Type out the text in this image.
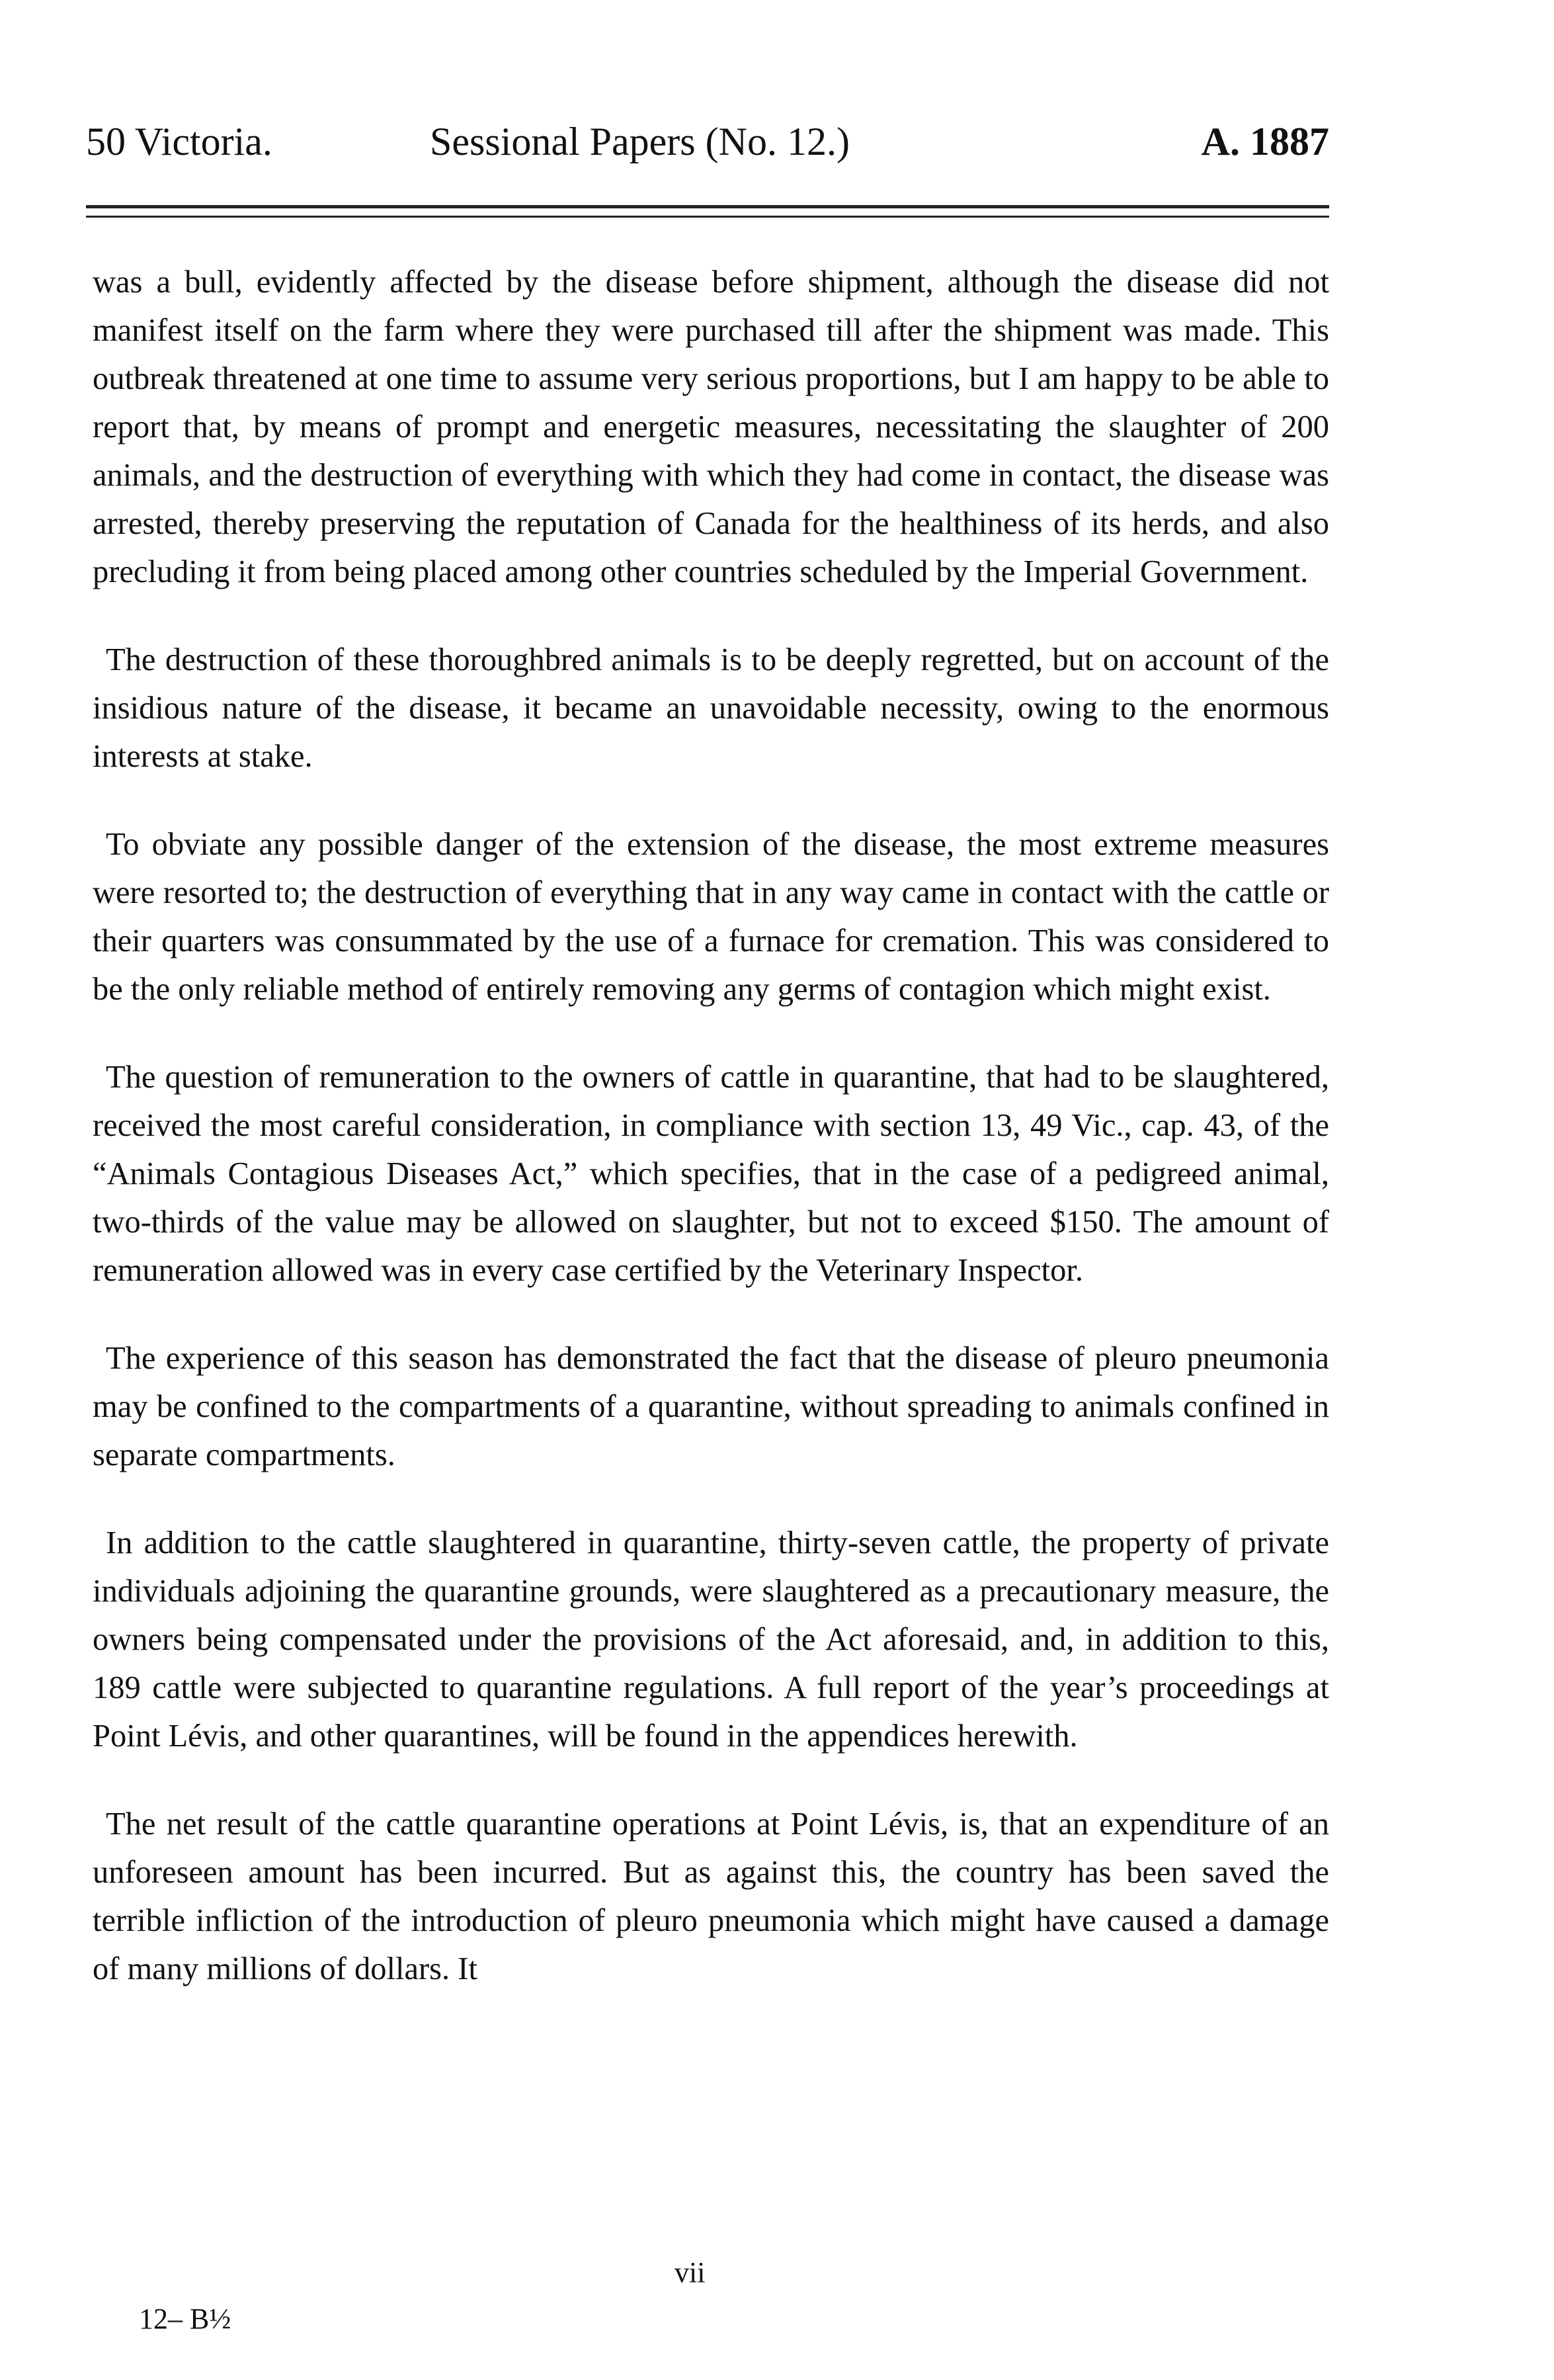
50 Victoria.	Sessional Papers (No. 12.)	A. 1887

was a bull, evidently affected by the disease before shipment, although the disease did not manifest itself on the farm where they were purchased till after the shipment was made. This outbreak threatened at one time to assume very serious proportions, but I am happy to be able to report that, by means of prompt and energetic measures, necessitating the slaughter of 200 animals, and the destruction of everything with which they had come in contact, the disease was arrested, thereby preserving the reputation of Canada for the healthiness of its herds, and also precluding it from being placed among other countries scheduled by the Imperial Government.

The destruction of these thoroughbred animals is to be deeply regretted, but on account of the insidious nature of the disease, it became an unavoidable necessity, owing to the enormous interests at stake.

To obviate any possible danger of the extension of the disease, the most extreme measures were resorted to; the destruction of everything that in any way came in contact with the cattle or their quarters was consummated by the use of a furnace for cremation. This was considered to be the only reliable method of entirely removing any germs of contagion which might exist.

The question of remuneration to the owners of cattle in quarantine, that had to be slaughtered, received the most careful consideration, in compliance with section 13, 49 Vic., cap. 43, of the “Animals Contagious Diseases Act,” which specifies, that in the case of a pedigreed animal, two-thirds of the value may be allowed on slaughter, but not to exceed $150. The amount of remuneration allowed was in every case certified by the Veterinary Inspector.

The experience of this season has demonstrated the fact that the disease of pleuro pneumonia may be confined to the compartments of a quarantine, without spreading to animals confined in separate compartments.

In addition to the cattle slaughtered in quarantine, thirty-seven cattle, the property of private individuals adjoining the quarantine grounds, were slaughtered as a precautionary measure, the owners being compensated under the provisions of the Act aforesaid, and, in addition to this, 189 cattle were subjected to quarantine regulations. A full report of the year’s proceedings at Point Lévis, and other quarantines, will be found in the appendices herewith.

The net result of the cattle quarantine operations at Point Lévis, is, that an expenditure of an unforeseen amount has been incurred. But as against this, the country has been saved the terrible infliction of the introduction of pleuro pneumonia which might have caused a damage of many millions of dollars. It

vii
12– B½
